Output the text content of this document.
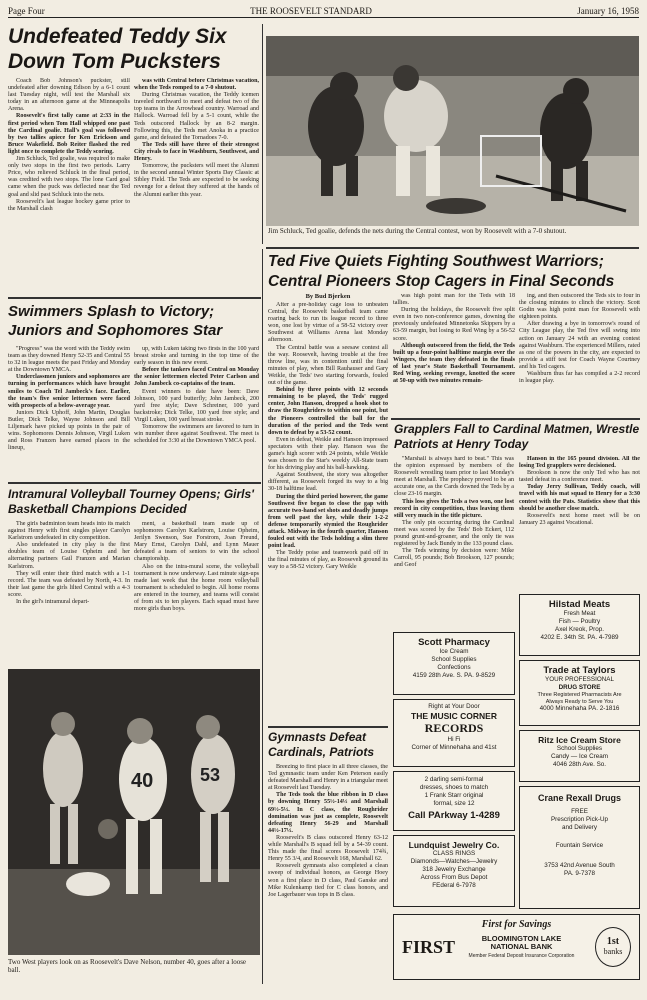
Page Four	THE ROOSEVELT STANDARD	January 16, 1958
Undefeated Teddy Six Down Tom Pucksters

Coach Bob Johnson's puckster, still undefeated after downing Edison by a 6-1 count last Tuesday night, will test the Marshall six today in an afternoon game at the Minneapolis Arena.

Roosevelt's first tally came at 2:33 in the first period when Tom Hall whipped one past the Cardinal goalie. Hall's goal was followed by two tallies apiece for Ken Erickson and Bruce Wakefield. Bob Reiter flashed the red light once to complete the Teddy scoring.

Jim Schluck, Ted goalie, was required to make only two stops in the first two periods. Larry Price, who relieved Schluck in the final period, was credited with two stops. The lone Card goal came when the puck was deflected near the Ted goal and slid past Schluck into the nets.

Roosevelt's last league hockey game prior to the Marshall clash

was with Central before Christmas vacation, when the Teds romped to a 7-0 shutout.

During Christmas vacation, the Teddy icemen traveled northward to meet and defeat two of the top teams in the Arrowhead country. Warroad and Hallock. Warroad fell by a 5-1 count, while the Teds outscored Hallock by an 8-2 margin. Following this, the Teds met Anoka in a practice game, and defeated the Tornadoes 7-0.

The Teds still have three of their strongest City rivals to face in Washburn, Southwest, and Henry.

Tomorrow, the pucksters will meet the Alumni in the second annual Winter Sports Day Classic at Sibley Field. The Teds are expected to be seeking revenge for a defeat they suffered at the hands of the Alumni earlier this year.

Jim Schluck, Ted goalie, defends the nets during the Central contest, won by Roosevelt with a 7-0 shutout.
Swimmers Splash to Victory; Juniors and Sophomores Star

"Progress" was the word with the Teddy swim team as they downed Henry 52-35 and Central 55 to 32 in league meets the past Friday and Monday at the Downtown YMCA.

Underclassmen juniors and sophomores are turning in performances which have brought smiles to Coach Tel Jambeck's face. Earlier, the team's five senior lettermen were faced with prospects of a below-average year.

Juniors Dick Uphoff, John Martin, Douglas Butler, Dick Telke, Wayne Johnson and Bill Liljemark have picked up points in the pair of wins. Sophomores Dennis Johnson, Virgil Luken and Ross Franzen have earned places in the lineup,

up, with Luken taking two firsts in the 100 yard breast stroke and turning in the top time of the early season in this new event.

Before the tankers faced Central on Monday the senior lettermen elected Peter Carlson and John Jambeck co-captains of the team.

Event winners to date have been: Dave Johnson, 100 yard butterfly; John Jambeck, 200 yard free style; Dave Schreiner, 100 yard backstroke; Dick Telke, 100 yard free style; and Virgil Luken, 100 yard breast stroke.

Tomorrow the swimmers are favored to turn in win number three against Southwest. The meet is scheduled for 3:30 at the Downtown YMCA pool.

Intramural Volleyball Tourney Opens; Girls' Basketball Champions Decided

The girls badminton team heads into its match against Henry with first singles player Carolyn Karlstrom undefeated in city competition.

Also undefeated in city play is the first doubles team of Louise Opheim and her alternating partners Gail Franzen and Marian Karlstrom.

They will enter their third match with a 1-1 record. The team was defeated by North, 4-3. In their last game the girls lilted Central with a 4-3 score.

In the girl's intramural depart-

ment, a basketball team made up of sophomores Carolyn Karlstrom, Louise Opheim, Jerilyn Swenson, Sue Forstrom, Joan Freund, Mary Ernst, Carolyn Dahl, and Lynn Mauer defeated a team of seniors to win the school championship.

Also on the intra-mural scene, the volleyball tournament is now underway. Last minute sign-ups made last week that the home room volleyball tournament is scheduled to begin. All home rooms are entered in the tourney, and teams will consist of from six to ten players. Each squad must have more girls than boys.

40	53
Two West players look on as Roosevelt's Dave Nelson, number 40, goes after a loose ball.
Ted Five Quiets Fighting Southwest Warriors; Central Pioneers Stop Cagers in Final Seconds
By Bud Bjerken

After a pre-holiday cage loss to unbeaten Central, the Roosevelt basketball team came roaring back to run its league record to three won, one lost by virtue of a 58-52 victory over Southwest at Williams Arena last Monday afternoon.

The Central battle was a seesaw contest all the way. Roosevelt, having trouble at the free throw line, was in contention until the final minutes of play, when Bill Rauhauser and Gary Weikle, the Teds' two starting forwards, fouled out of the game.

Behind by three points with 12 seconds remaining to be played, the Teds' rugged center, John Hanson, dropped a hook shot to draw the Roughriders to within one point, but the Pioneers controlled the ball for the duration of the period and the Teds went down to defeat by a 53-52 count.

Even in defeat, Weikle and Hanson impressed spectators with their play. Hanson was the game's high scorer with 24 points, while Weikle was chosen to the Star's weekly All-State team for his driving play and his ball-hawking.

Against Southwest, the story was altogether different, as Roosevelt forged its way to a big 30-18 halftime lead.

During the third period however, the game Southwest five began to close the gap with accurate two-hand set shots and deadly jumps from well past the key, while their 1-2-2 defense temporarily stymied the Roughrider attack. Midway in the fourth quarter, Hanson fouled out with the Teds holding a slim three point lead.

The Teddy poise and teamwork paid off in the final minutes of play, as Roosevelt ground its way to a 58-52 victory. Gary Weikle

was high point man for the Teds with 18 tallies.

During the holidays, the Roosevelt five split even in two non-conference games, downing the previously undefeated Minnetonka Skippers by a 63-59 margin, but losing to Red Wing by a 56-52 score.

Although outscored from the field, the Teds built up a four-point halftime margin over the Wingers, the team they defeated in the finals of last year's State Basketball Tournament. Red Wing, seeking revenge, knotted the score at 50-up with two minutes remain-

ing, and then outscored the Teds six to four in the closing minutes to clinch the victory. Scott Godin was high point man for Roosevelt with eighteen points.

After drawing a bye in tomorrow's round of City League play, the Ted five will swing into action on January 24 with an evening contest against Washburn. The experienced Millers, rated as one of the powers in the city, are expected to provide a stiff test for Coach Wayne Courtney and his Ted cagers.

Washburn thus far has compiled a 2-2 record in league play.

Grapplers Fall to Cardinal Matmen, Wrestle Patriots at Henry Today

"Marshall is always hard to beat." This was the opinion expressed by members of the Roosevelt wrestling team prior to last Monday's meet at Marshall. The prophecy proved to be an accurate one, as the Cards downed the Teds by a close 23-16 margin.

This loss gives the Teds a two won, one lost record in city competition, thus leaving them still very much in the title picture.

The only pin occurring during the Cardinal meet was scored by the Teds' Bob Eckert, 112 pound grunt-and-groaner, and the only tie was registered by Jack Bundy in the 133 pound class.

The Teds winning by decision were: Mike Carroll, 95 pounds; Bob Brookson, 127 pounds; and Geof

Hanson in the 165 pound division. All the losing Ted grapplers were decisioned.

Brookson is now the only Ted who has not tasted defeat in a conference meet.

Today Jerry Sullivan, Teddy coach, will travel with his mat squad to Henry for a 3:30 contest with the Pats. Statistics show that this should be another close match.

Roosevelt's next home meet will be on January 23 against Vocational.

Gymnasts Defeat Cardinals, Patriots

Breezing to first place in all three classes, the Ted gymnastic team under Ken Peterson easily defeated Marshall and Henry in a triangular meet at Roosevelt last Tuesday.

The Teds took the blue ribbon in D class by downing Henry 55½-14½ and Marshall 69½-5½. In C class, the Roughrider domination was just as complete, Roosevelt defeating Henry 56-29 and Marshall 44½-17½.

Roosevelt's B class outscored Henry 63-12 while Marshall's B squad fell by a 54-39 count. This made the final scores Roosevelt 174¾, Henry 55 3/4, and Roosevelt 168, Marshall 62.

Roosevelt gymnasts also completed a clean sweep of individual honors, as George Hoey won a first place in D class, Paul Ganske and Mike Kulenkamp tied for C class honors, and Joe Lagerbauer was tops in B class.

Scott Pharmacy
Ice Cream
School Supplies
Confections
4159 28th Ave. S. PA. 9-8529
Right at Your Door
THE MUSIC CORNER
RECORDS
Hi Fi
Corner of Minnehaha and 41st
2 darling semi-formal
dresses, shoes to match
1 Frank Starr original
formal, size 12
Call PArkway 1-4289
Lundquist Jewelry Co.
CLASS RINGS
Diamonds—Watches—Jewelry
318 Jewelry Exchange
Across From Bus Depot
FEderal 6-7978
Hilstad Meats
Fresh Meat
Fish — Poultry
Axel Kreok, Prop.
4202 E. 34th St. PA. 4-7989
Trade at Taylors
YOUR PROFESSIONAL
DRUG STORE
Three Registered Pharmacists Are
Always Ready to Serve You
4000 Minnehaha PA. 2-1816
Ritz Ice Cream Store
School Supplies
Candy — Ice Cream
4046 28th Ave. So.
Crane Rexall Drugs
FREE
Prescription Pick-Up
and Delivery
Fountain Service
3753 42nd Avenue South
PA. 9-7378
First for Savings
FIRST	BLOOMINGTON LAKE
NATIONAL BANK
Member Federal Deposit Insurance Corporation
1st
banks
